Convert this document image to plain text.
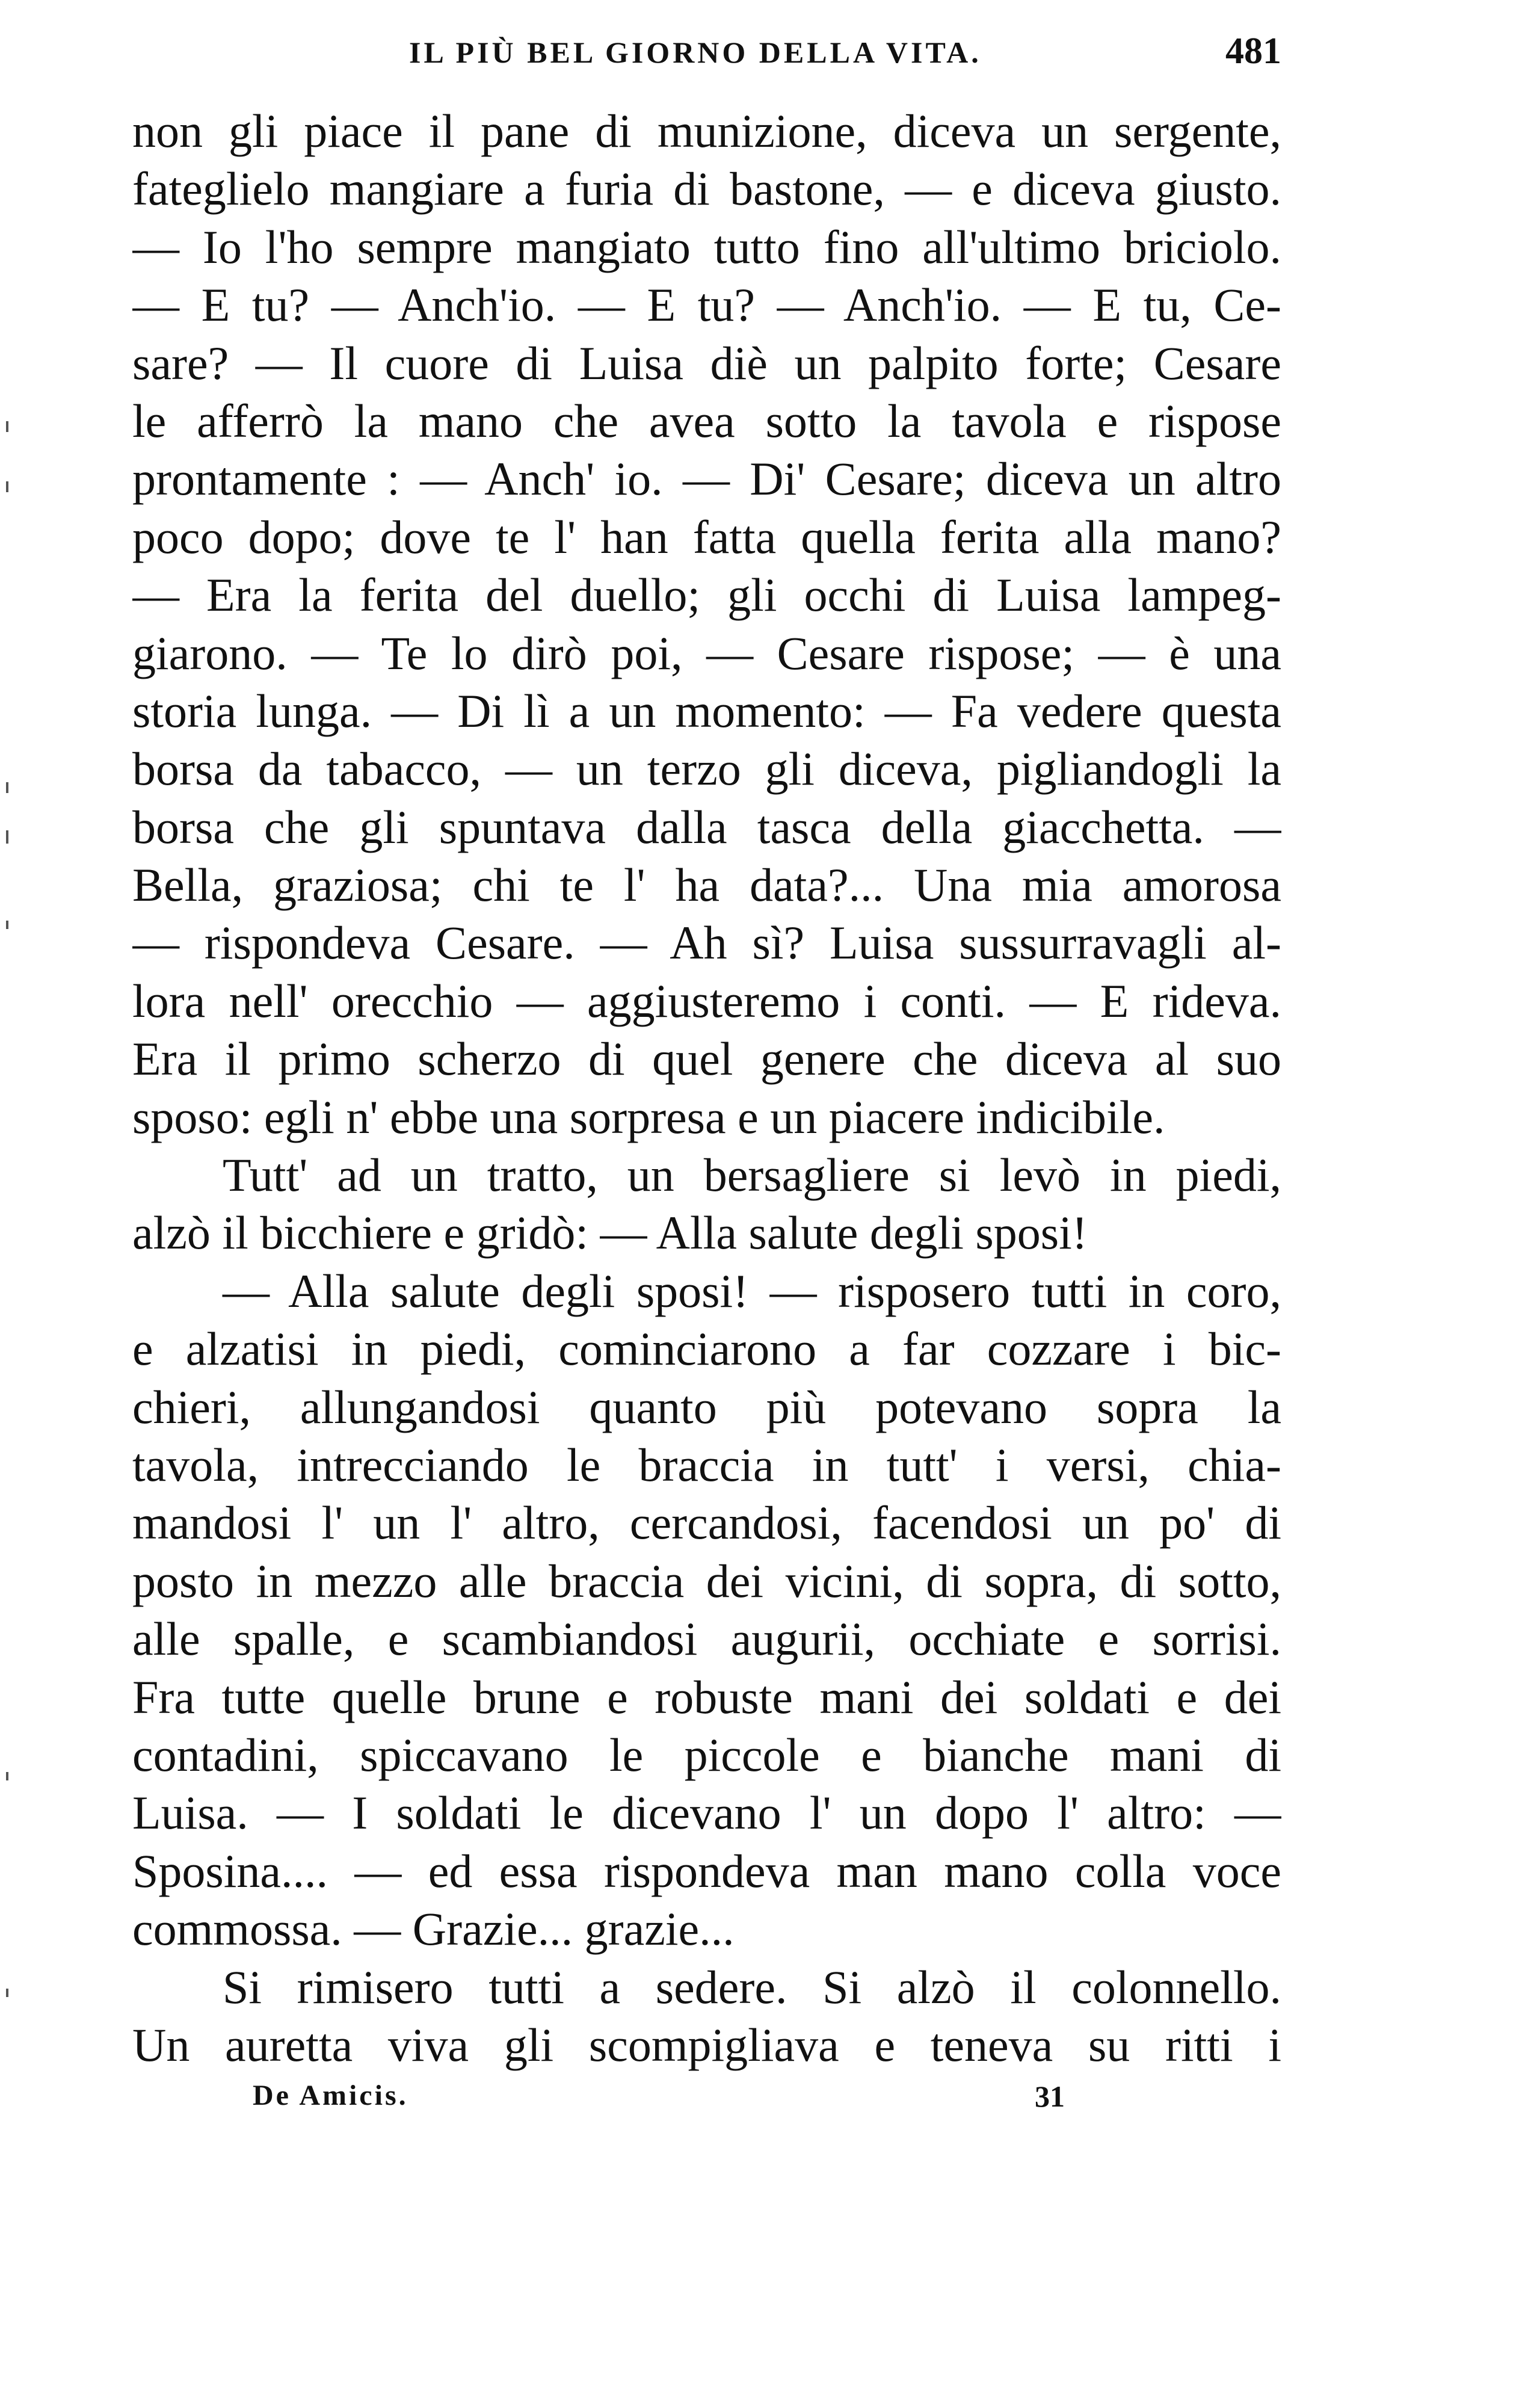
IL PIÙ BEL GIORNO DELLA VITA.	481
non gli piace il pane di munizione, diceva un sergente,
fateglielo mangiare a furia di bastone, — e diceva giusto.
— Io l'ho sempre mangiato tutto fino all'ultimo briciolo.
— E tu? — Anch'io. — E tu? — Anch'io. — E tu, Ce-
sare? — Il cuore di Luisa diè un palpito forte; Cesare
le afferrò la mano che avea sotto la tavola e rispose
prontamente : — Anch' io. — Di' Cesare; diceva un altro
poco dopo; dove te l' han fatta quella ferita alla mano?
— Era la ferita del duello; gli occhi di Luisa lampeg-
giarono. — Te lo dirò poi, — Cesare rispose; — è una
storia lunga. — Di lì a un momento: — Fa vedere questa
borsa da tabacco, — un terzo gli diceva, pigliandogli la
borsa che gli spuntava dalla tasca della giacchetta. —
Bella, graziosa; chi te l' ha data?... Una mia amorosa
— rispondeva Cesare. — Ah sì? Luisa sussurravagli al-
lora nell' orecchio — aggiusteremo i conti. — E rideva.
Era il primo scherzo di quel genere che diceva al suo
sposo: egli n' ebbe una sorpresa e un piacere indicibile.
Tutt' ad un tratto, un bersagliere si levò in piedi,
alzò il bicchiere e gridò: — Alla salute degli sposi!
— Alla salute degli sposi! — risposero tutti in coro,
e alzatisi in piedi, cominciarono a far cozzare i bic-
chieri, allungandosi quanto più potevano sopra la
tavola, intrecciando le braccia in tutt' i versi, chia-
mandosi l' un l' altro, cercandosi, facendosi un po' di
posto in mezzo alle braccia dei vicini, di sopra, di sotto,
alle spalle, e scambiandosi augurii, occhiate e sorrisi.
Fra tutte quelle brune e robuste mani dei soldati e dei
contadini, spiccavano le piccole e bianche mani di
Luisa. — I soldati le dicevano l' un dopo l' altro: —
Sposina.... — ed essa rispondeva man mano colla voce
commossa. — Grazie... grazie...
Si rimisero tutti a sedere. Si alzò il colonnello.
Un auretta viva gli scompigliava e teneva su ritti i
De Amicis.	31
